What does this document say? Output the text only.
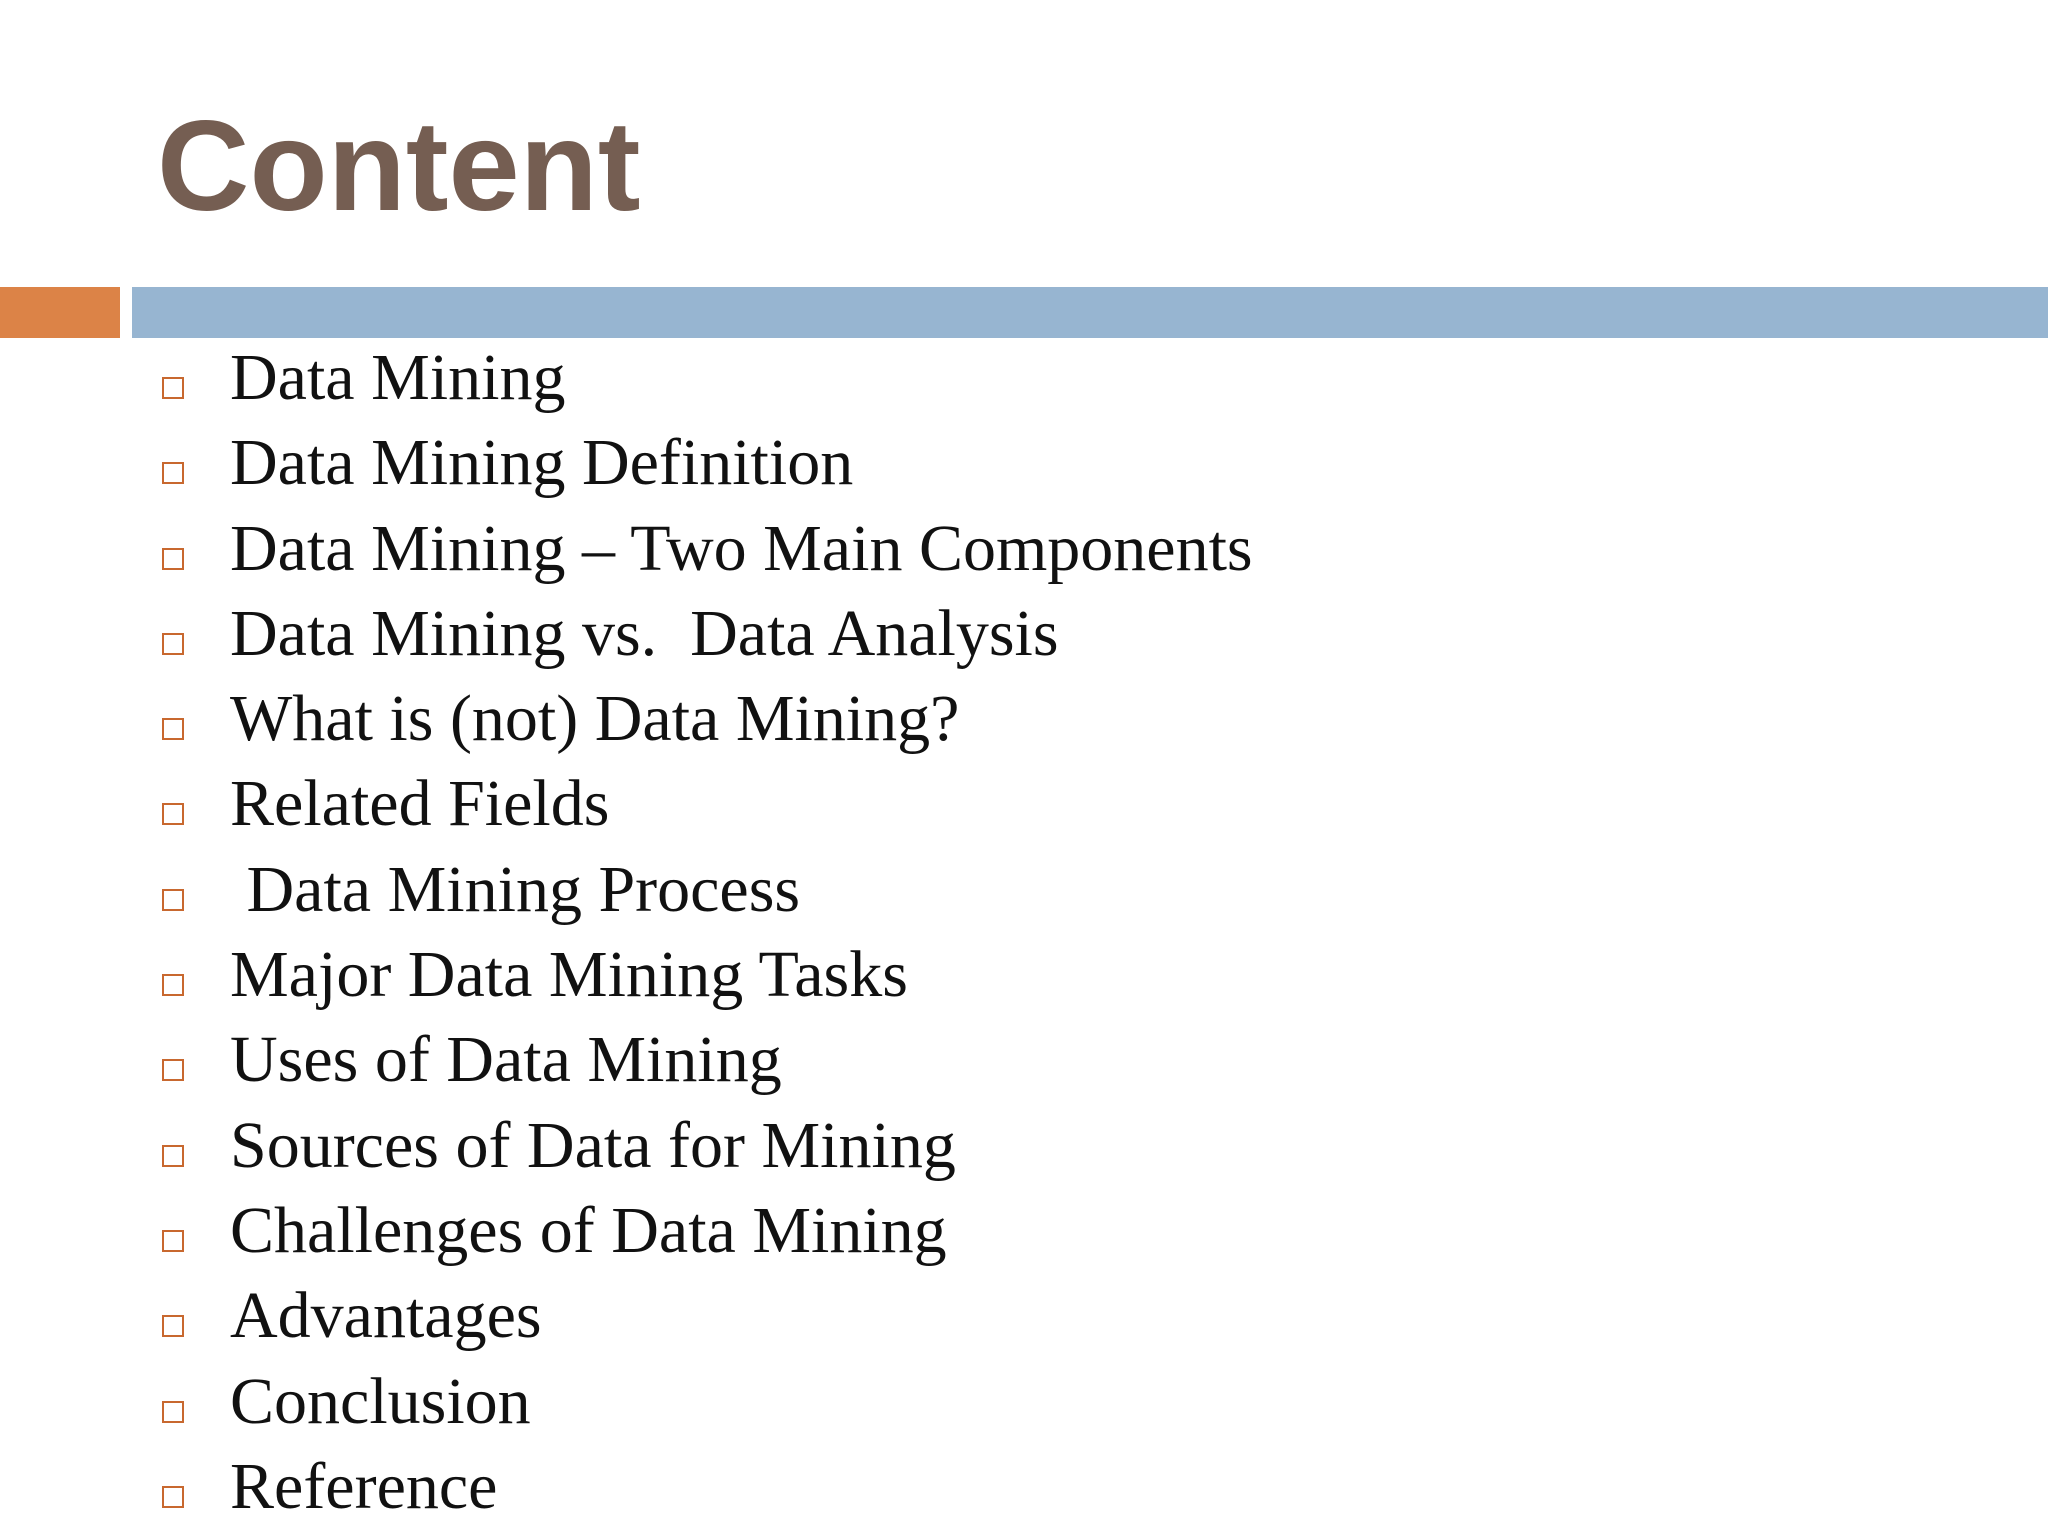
Content
Data Mining
Data Mining Definition
Data Mining – Two Main Components
Data Mining vs.  Data Analysis
What is (not) Data Mining?
Related Fields
Data Mining Process
Major Data Mining Tasks
Uses of Data Mining
Sources of Data for Mining
Challenges of Data Mining
Advantages
Conclusion
Reference
